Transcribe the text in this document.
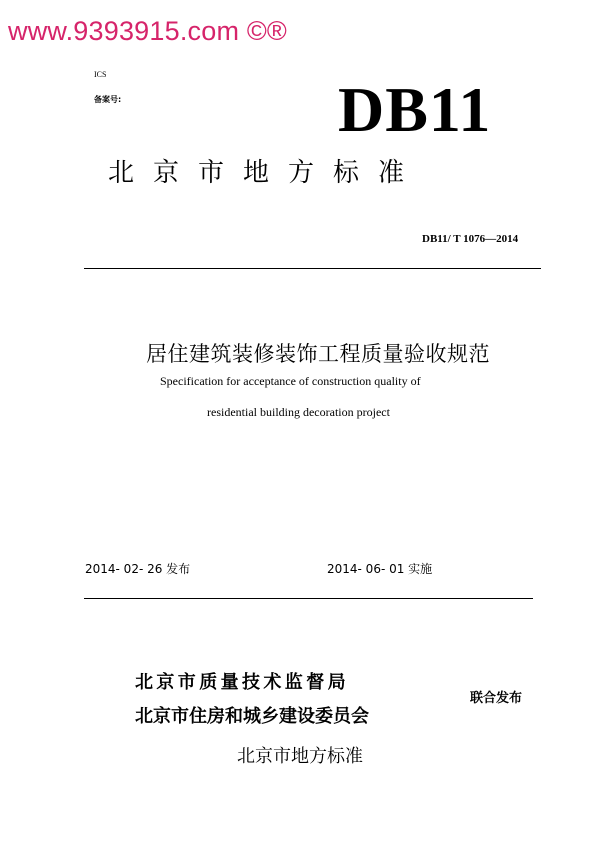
www.9393915.com ©®
ICS
备案号:	DB11
北京市地方标准
DB11/ T 1076—2014
居住建筑装修装饰工程质量验收规范
Specification for acceptance of construction quality of
residential building decoration project
2014- 02- 26 发布	2014- 06- 01 实施
北京市质量技术监督局
北京市住房和城乡建设委员会
联合发布
北京市地方标准
